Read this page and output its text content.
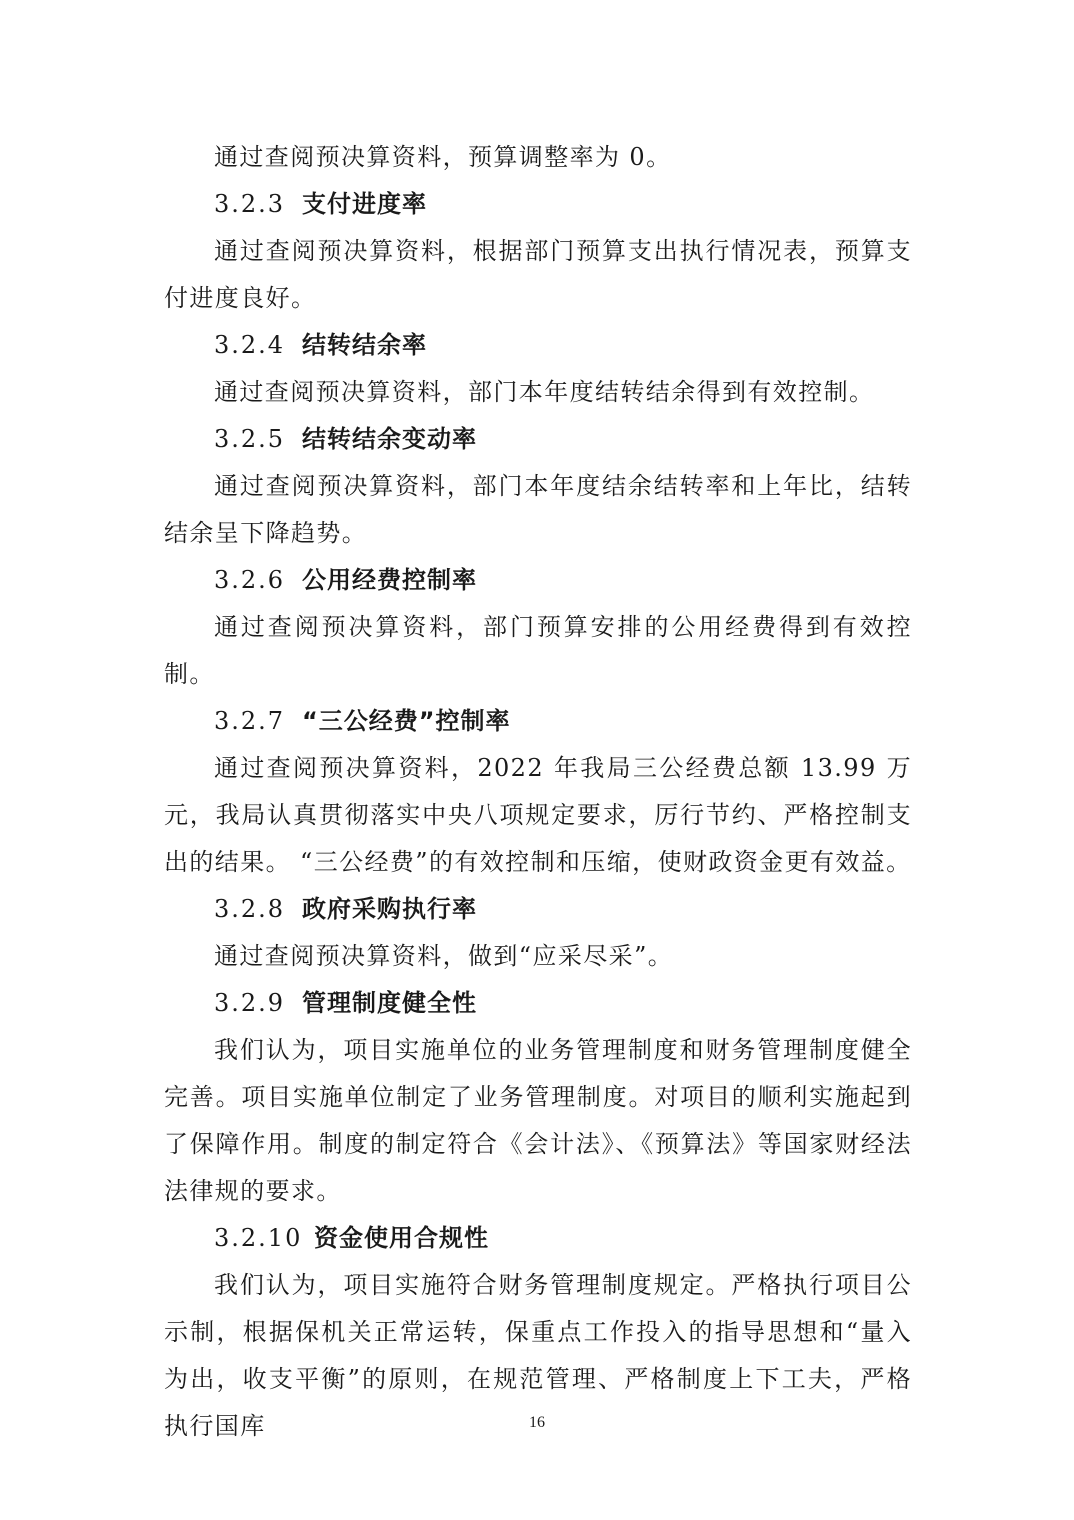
通过查阅预决算资料，预算调整率为 0。

3.2.3 支付进度率

通过查阅预决算资料，根据部门预算支出执行情况表，预算支付进度良好。

3.2.4 结转结余率

通过查阅预决算资料，部门本年度结转结余得到有效控制。

3.2.5 结转结余变动率

通过查阅预决算资料，部门本年度结余结转率和上年比，结转结余呈下降趋势。

3.2.6 公用经费控制率

通过查阅预决算资料，部门预算安排的公用经费得到有效控制。

3.2.7 “三公经费”控制率

通过查阅预决算资料，2022 年我局三公经费总额 13.99 万元，我局认真贯彻落实中央八项规定要求，厉行节约、严格控制支出的结果。 “三公经费”的有效控制和压缩，使财政资金更有效益。

3.2.8 政府采购执行率

通过查阅预决算资料，做到“应采尽采”。

3.2.9 管理制度健全性

我们认为，项目实施单位的业务管理制度和财务管理制度健全完善。项目实施单位制定了业务管理制度。对项目的顺利实施起到了保障作用。制度的制定符合《会计法》、《预算法》等国家财经法法律规的要求。

3.2.10 资金使用合规性

我们认为，项目实施符合财务管理制度规定。严格执行项目公示制，根据保机关正常运转，保重点工作投入的指导思想和“量入为出，收支平衡”的原则，在规范管理、严格制度上下工夫，严格执行国库	16
